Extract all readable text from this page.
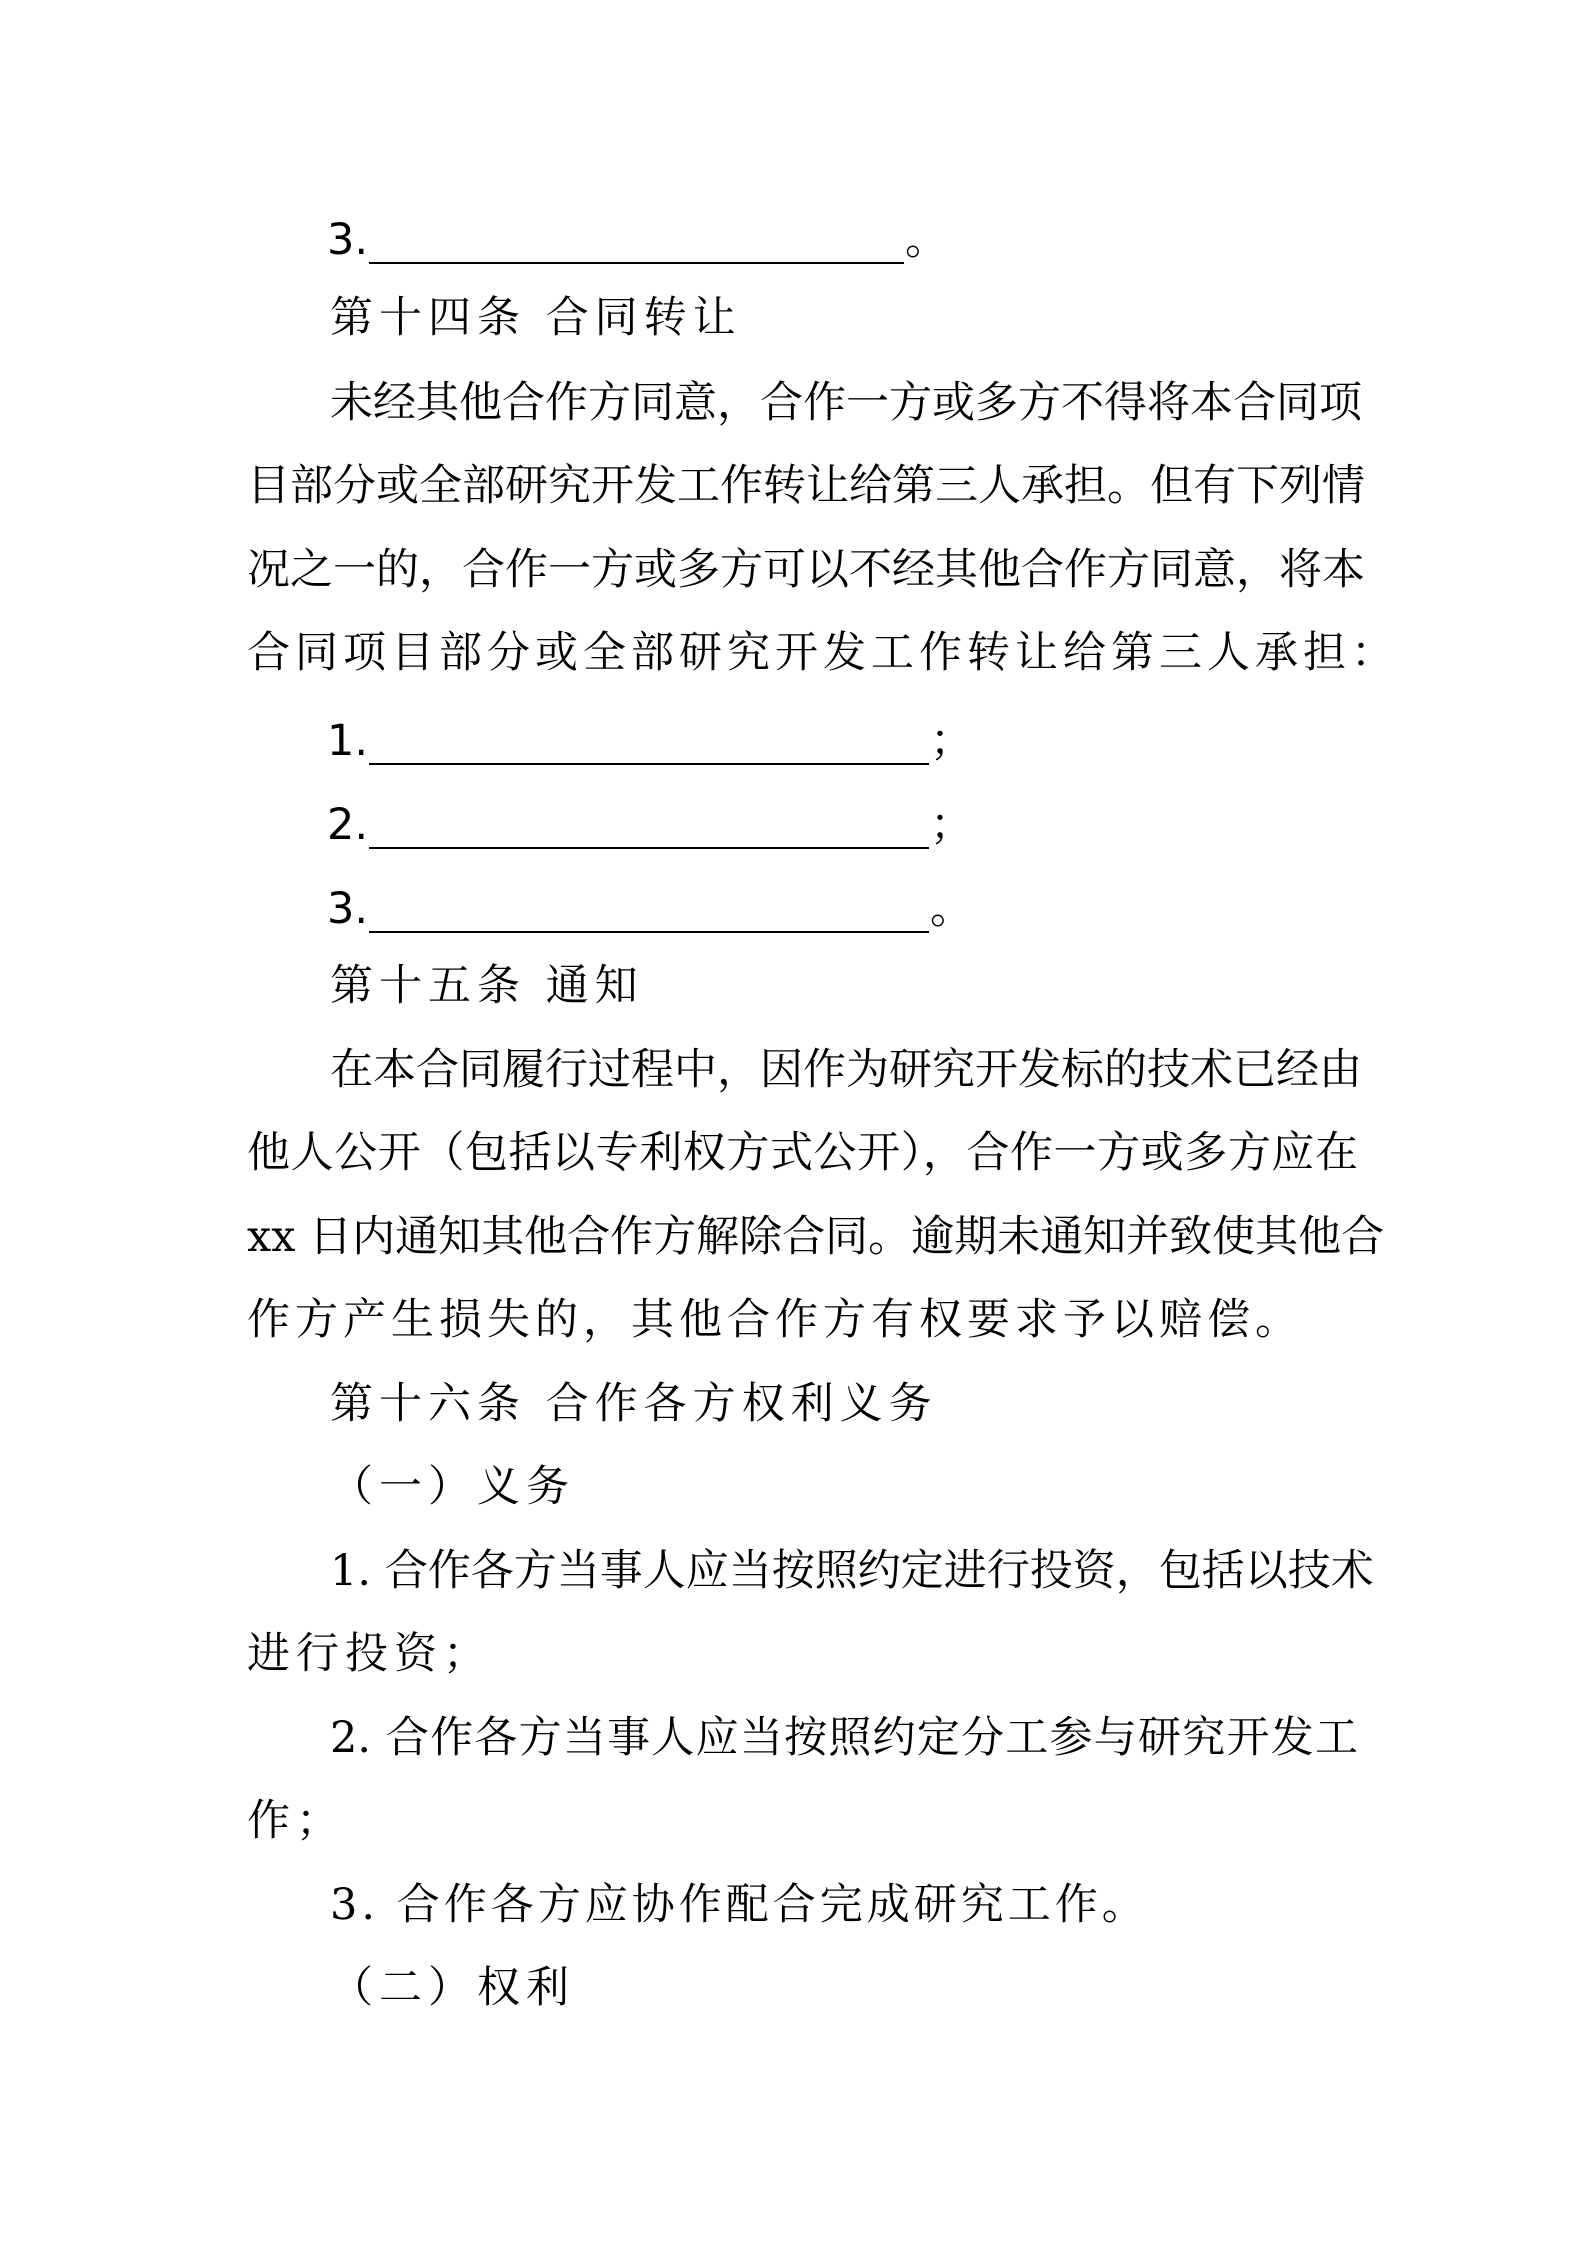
3.	。
第十四条 合同转让
未经其他合作方同意，合作一方或多方不得将本合同项
目部分或全部研究开发工作转让给第三人承担。但有下列情
况之一的，合作一方或多方可以不经其他合作方同意，将本
合同项目部分或全部研究开发工作转让给第三人承担：
1.	；
2.	；
3.	。
第十五条 通知
在本合同履行过程中，因作为研究开发标的技术已经由
他人公开（包括以专利权方式公开），合作一方或多方应在
xx 日内通知其他合作方解除合同。逾期未通知并致使其他合
作方产生损失的，其他合作方有权要求予以赔偿。
第十六条 合作各方权利义务
（一）义务
1. 合作各方当事人应当按照约定进行投资，包括以技术
进行投资；
2. 合作各方当事人应当按照约定分工参与研究开发工
作；
3. 合作各方应协作配合完成研究工作。
（二）权利
